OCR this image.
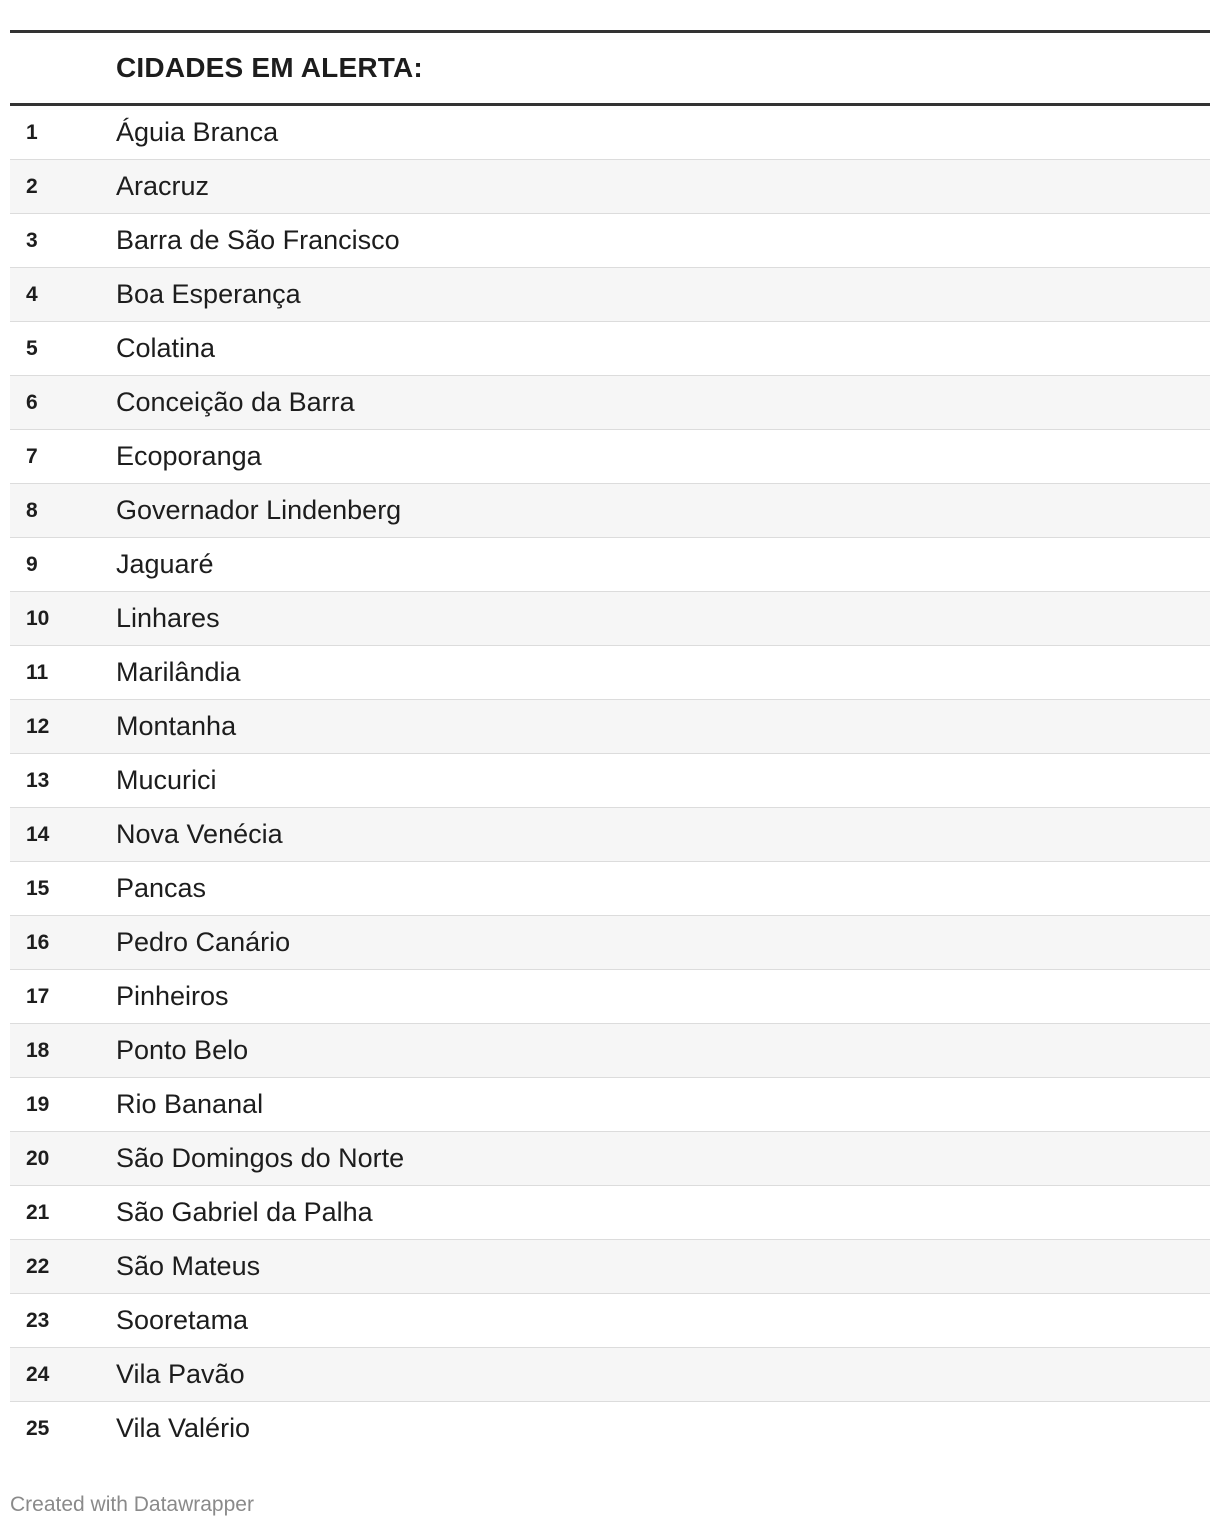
CIDADES EM ALERTA:
1	Águia Branca
2	Aracruz
3	Barra de São Francisco
4	Boa Esperança
5	Colatina
6	Conceição da Barra
7	Ecoporanga
8	Governador Lindenberg
9	Jaguaré
10 Linhares
11	Marilândia
12 Montanha
13 Mucurici
14 Nova Venécia
15 Pancas
16 Pedro Canário
17 Pinheiros
18 Ponto Belo
19 Rio Bananal
20 São Domingos do Norte
21 São Gabriel da Palha
22 São Mateus
23 Sooretama
24 Vila Pavão
25 Vila Valério
Created with Datawrapper
